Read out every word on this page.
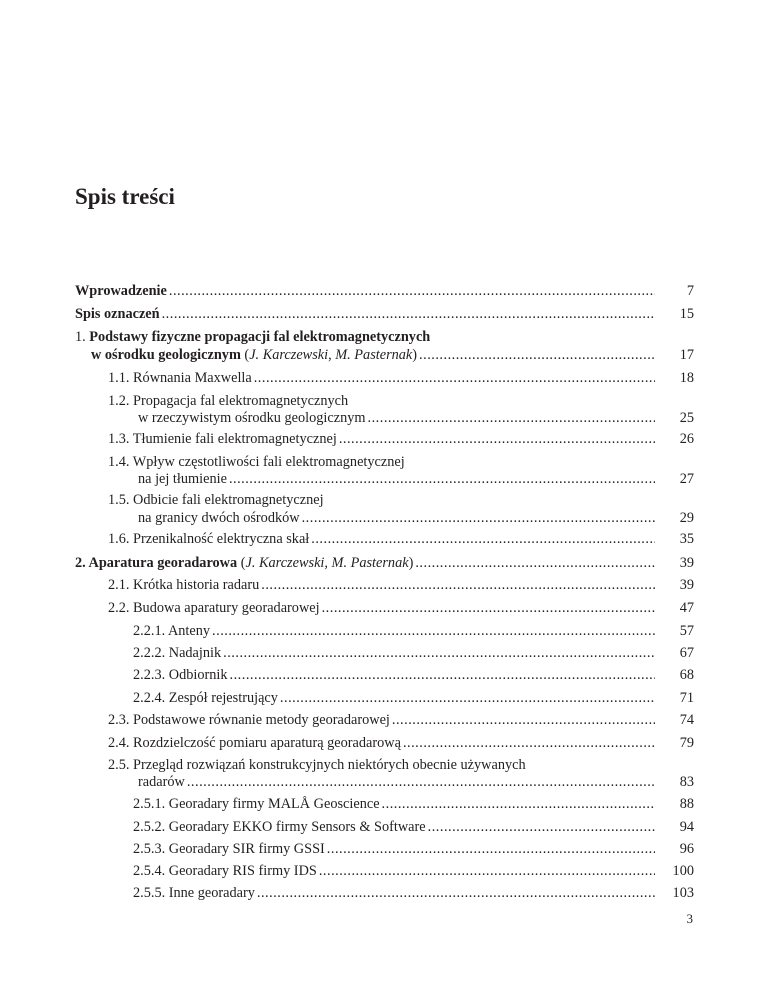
Spis treści
Wprowadzenie .....	7
Spis oznaczeń .....	15
1. Podstawy fizyczne propagacji fal elektromagnetycznych
w ośrodku geologicznym (J. Karczewski, M. Pasternak) .....	17
1.1. Równania Maxwella .....	18
1.2. Propagacja fal elektromagnetycznych
w rzeczywistym ośrodku geologicznym .....	25
1.3. Tłumienie fali elektromagnetycznej .....	26
1.4. Wpływ częstotliwości fali elektromagnetycznej
na jej tłumienie .....	27
1.5. Odbicie fali elektromagnetycznej
na granicy dwóch ośrodków .....	29
1.6. Przenikalność elektryczna skał .....	35
2. Aparatura georadarowa (J. Karczewski, M. Pasternak) .....	39
2.1. Krótka historia radaru .....	39
2.2. Budowa aparatury georadarowej .....	47
2.2.1. Anteny .....	57
2.2.2. Nadajnik .....	67
2.2.3. Odbiornik .....	68
2.2.4. Zespół rejestrujący .....	71
2.3. Podstawowe równanie metody georadarowej .....	74
2.4. Rozdzielczość pomiaru aparaturą georadarową .....	79
2.5. Przegląd rozwiązań konstrukcyjnych niektórych obecnie używanych
radarów .....	83
2.5.1. Georadary firmy MALÅ Geoscience .....	88
2.5.2. Georadary EKKO firmy Sensors & Software .....	94
2.5.3. Georadary SIR firmy GSSI .....	96
2.5.4. Georadary RIS firmy IDS .....	100
2.5.5. Inne georadary .....	103
3
